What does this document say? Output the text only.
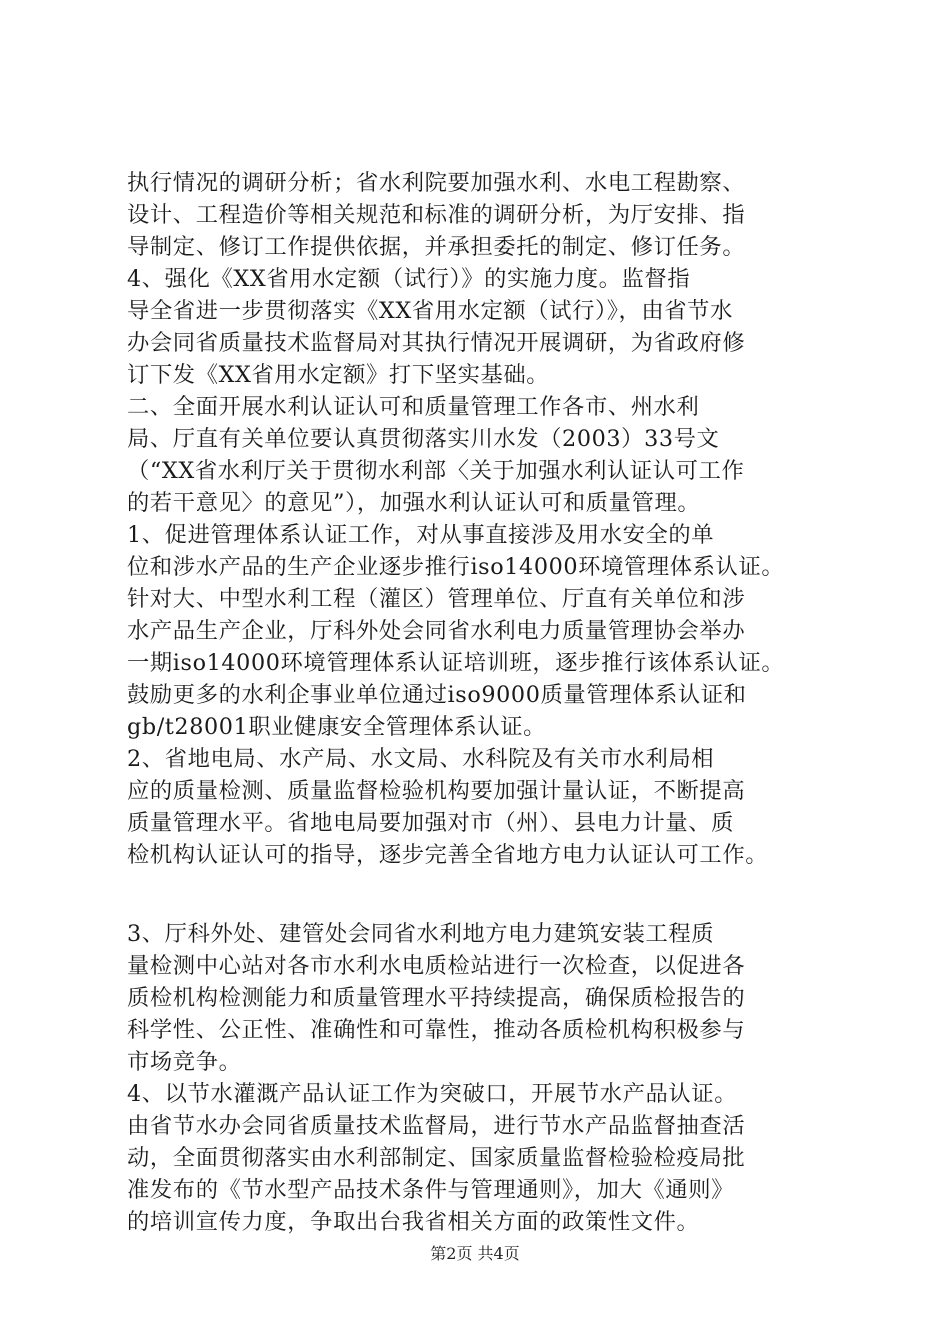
执行情况的调研分析；省水利院要加强水利、水电工程勘察、
设计、工程造价等相关规范和标准的调研分析，为厅安排、指
导制定、修订工作提供依据，并承担委托的制定、修订任务。
4、强化《XX省用水定额（试行）》的实施力度。监督指
导全省进一步贯彻落实《XX省用水定额（试行）》，由省节水
办会同省质量技术监督局对其执行情况开展调研，为省政府修
订下发《XX省用水定额》打下坚实基础。
二、全面开展水利认证认可和质量管理工作各市、州水利
局、厅直有关单位要认真贯彻落实川水发（2003）33号文
（“XX省水利厅关于贯彻水利部〈关于加强水利认证认可工作
的若干意见〉的意见”），加强水利认证认可和质量管理。
1、促进管理体系认证工作，对从事直接涉及用水安全的单
位和涉水产品的生产企业逐步推行iso14000环境管理体系认证。
针对大、中型水利工程（灌区）管理单位、厅直有关单位和涉
水产品生产企业，厅科外处会同省水利电力质量管理协会举办
一期iso14000环境管理体系认证培训班，逐步推行该体系认证。
鼓励更多的水利企事业单位通过iso9000质量管理体系认证和
gb/t28001职业健康安全管理体系认证。
2、省地电局、水产局、水文局、水科院及有关市水利局相
应的质量检测、质量监督检验机构要加强计量认证，不断提高
质量管理水平。省地电局要加强对市（州）、县电力计量、质
检机构认证认可的指导，逐步完善全省地方电力认证认可工作。
3、厅科外处、建管处会同省水利地方电力建筑安装工程质
量检测中心站对各市水利水电质检站进行一次检查，以促进各
质检机构检测能力和质量管理水平持续提高，确保质检报告的
科学性、公正性、准确性和可靠性，推动各质检机构积极参与
市场竞争。
4、以节水灌溉产品认证工作为突破口，开展节水产品认证。
由省节水办会同省质量技术监督局，进行节水产品监督抽查活
动，全面贯彻落实由水利部制定、国家质量监督检验检疫局批
准发布的《节水型产品技术条件与管理通则》，加大《通则》
的培训宣传力度，争取出台我省相关方面的政策性文件。
第2页 共4页
